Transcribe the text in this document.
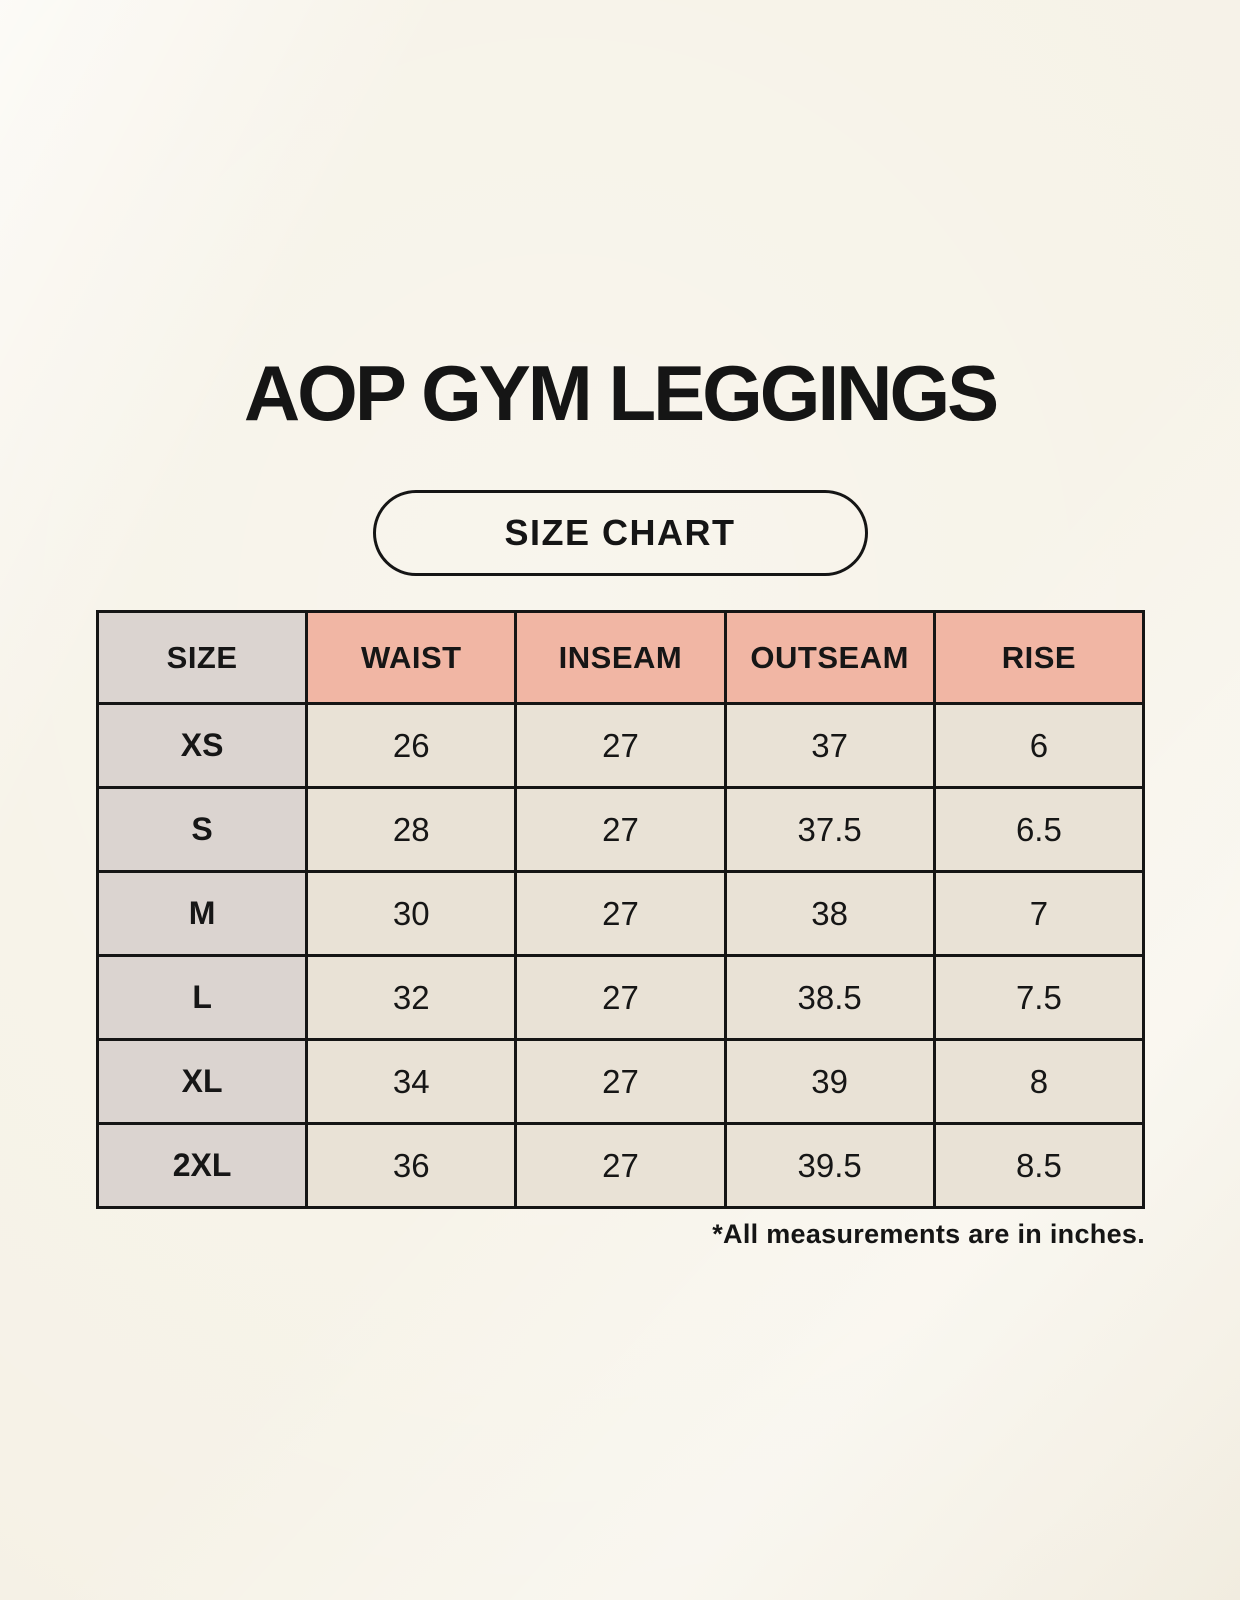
AOP GYM LEGGINGS
SIZE CHART
SIZE	WAIST	INSEAM	OUTSEAM	RISE
XS	26	27	37	6
S	28	27	37.5	6.5
M	30	27	38	7
L	32	27	38.5	7.5
XL	34	27	39	8
2XL	36	27	39.5	8.5
*All measurements are in inches.
